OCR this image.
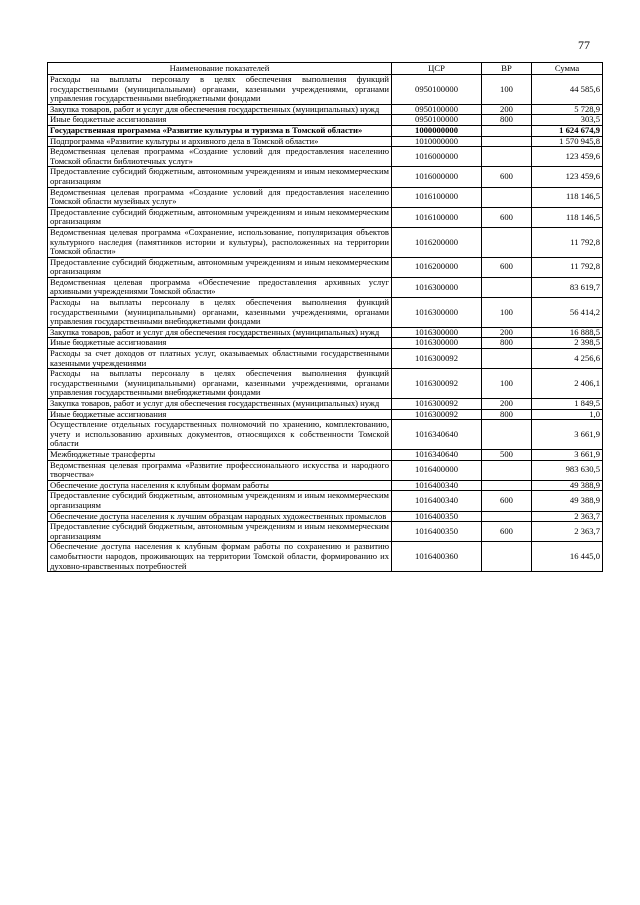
77
Наименование показателей	ЦСР	ВР	Сумма
Расходы на выплаты персоналу в целях обеспечения выполнения функций государственными (муниципальными) органами, казенными учреждениями, органами управления государственными внебюджетными фондами	0950100000	100	44 585,6
Закупка товаров, работ и услуг для обеспечения государственных (муниципальных) нужд	0950100000	200	5 728,9
Иные бюджетные ассигнования	0950100000	800	303,5
Государственная программа «Развитие культуры и туризма в Томской области»	1000000000		1 624 674,9
Подпрограмма «Развитие культуры и архивного дела в Томской области»	1010000000		1 570 945,8
Ведомственная целевая программа «Создание условий для предоставления населению Томской области библиотечных услуг»	1016000000		123 459,6
Предоставление субсидий бюджетным, автономным учреждениям и иным некоммерческим организациям	1016000000	600	123 459,6
Ведомственная целевая программа «Создание условий для предоставления населению Томской области музейных услуг»	1016100000		118 146,5
Предоставление субсидий бюджетным, автономным учреждениям и иным некоммерческим организациям	1016100000	600	118 146,5
Ведомственная целевая программа «Сохранение, использование, популяризация объектов культурного наследия (памятников истории и культуры), расположенных на территории Томской области»	1016200000		11 792,8
Предоставление субсидий бюджетным, автономным учреждениям и иным некоммерческим организациям	1016200000	600	11 792,8
Ведомственная целевая программа «Обеспечение предоставления архивных услуг архивными учреждениями Томской области»	1016300000		83 619,7
Расходы на выплаты персоналу в целях обеспечения выполнения функций государственными (муниципальными) органами, казенными учреждениями, органами управления государственными внебюджетными фондами	1016300000	100	56 414,2
Закупка товаров, работ и услуг для обеспечения государственных (муниципальных) нужд	1016300000	200	16 888,5
Иные бюджетные ассигнования	1016300000	800	2 398,5
Расходы за счет доходов от платных услуг, оказываемых областными государственными казенными учреждениями	1016300092		4 256,6
Расходы на выплаты персоналу в целях обеспечения выполнения функций государственными (муниципальными) органами, казенными учреждениями, органами управления государственными внебюджетными фондами	1016300092	100	2 406,1
Закупка товаров, работ и услуг для обеспечения государственных (муниципальных) нужд	1016300092	200	1 849,5
Иные бюджетные ассигнования	1016300092	800	1,0
Осуществление отдельных государственных полномочий по хранению, комплектованию, учету и использованию архивных документов, относящихся к собственности Томской области	1016340640		3 661,9
Межбюджетные трансферты	1016340640	500	3 661,9
Ведомственная целевая программа «Развитие профессионального искусства и народного творчества»	1016400000		983 630,5
Обеспечение доступа населения к клубным формам работы	1016400340		49 388,9
Предоставление субсидий бюджетным, автономным учреждениям и иным некоммерческим организациям	1016400340	600	49 388,9
Обеспечение доступа населения к лучшим образцам народных художественных промыслов	1016400350		2 363,7
Предоставление субсидий бюджетным, автономным учреждениям и иным некоммерческим организациям	1016400350	600	2 363,7
Обеспечение доступа населения к клубным формам работы по сохранению и развитию самобытности народов, проживающих на территории Томской области, формированию их духовно-нравственных потребностей	1016400360		16 445,0
